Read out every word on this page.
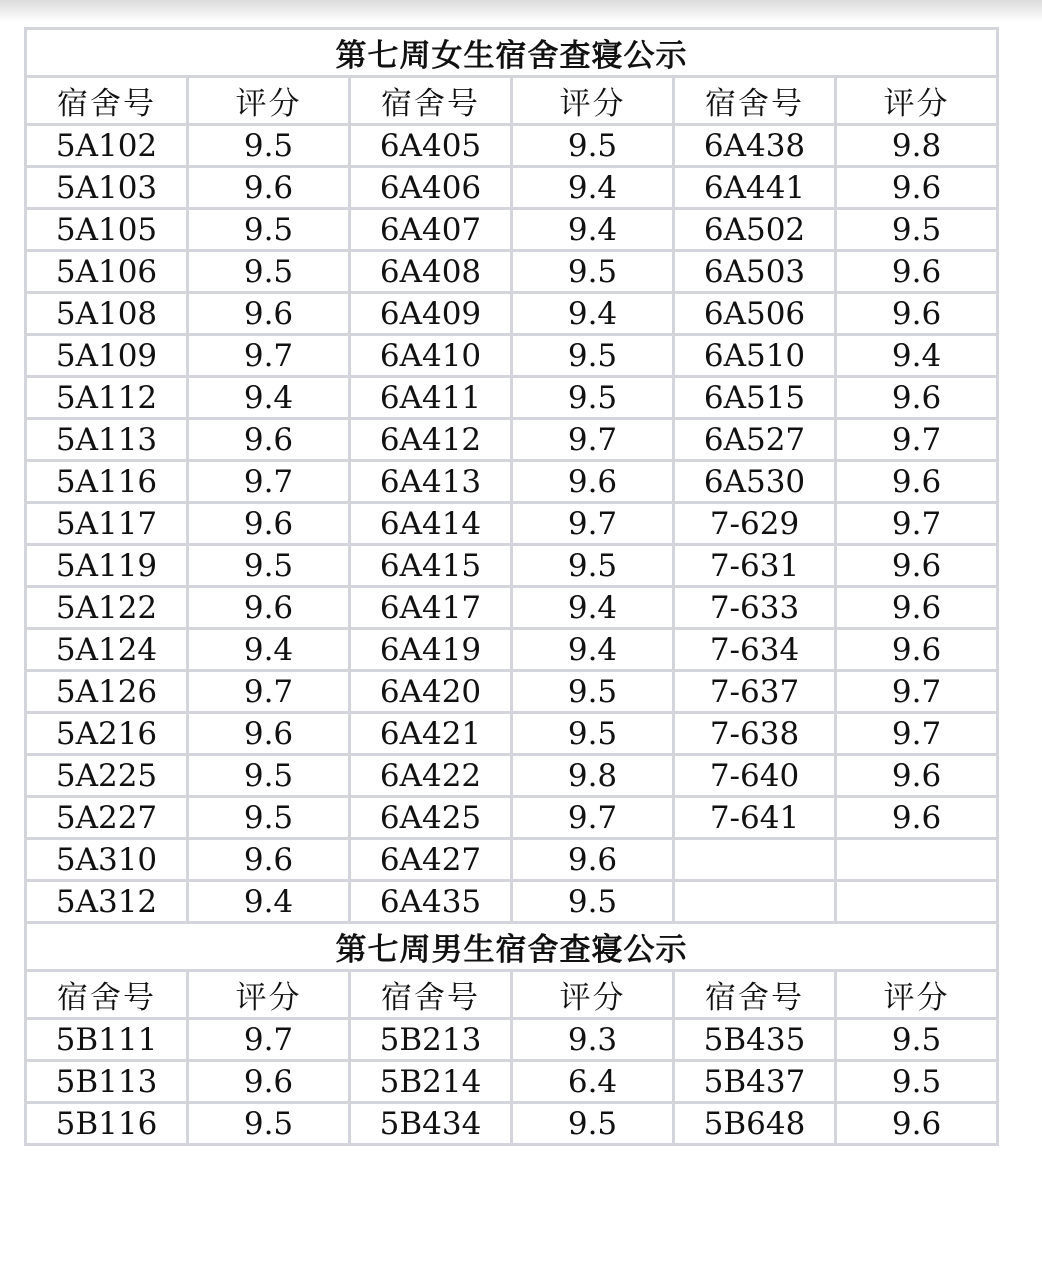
第七周女生宿舍查寝公示					
宿舍号	评分	宿舍号	评分	宿舍号	评分
5A102	9.5	6A405	9.5	6A438	9.8
5A103	9.6	6A406	9.4	6A441	9.6
5A105	9.5	6A407	9.4	6A502	9.5
5A106	9.5	6A408	9.5	6A503	9.6
5A108	9.6	6A409	9.4	6A506	9.6
5A109	9.7	6A410	9.5	6A510	9.4
5A112	9.4	6A411	9.5	6A515	9.6
5A113	9.6	6A412	9.7	6A527	9.7
5A116	9.7	6A413	9.6	6A530	9.6
5A117	9.6	6A414	9.7	7-629	9.7
5A119	9.5	6A415	9.5	7-631	9.6
5A122	9.6	6A417	9.4	7-633	9.6
5A124	9.4	6A419	9.4	7-634	9.6
5A126	9.7	6A420	9.5	7-637	9.7
5A216	9.6	6A421	9.5	7-638	9.7
5A225	9.5	6A422	9.8	7-640	9.6
5A227	9.5	6A425	9.7	7-641	9.6
5A310	9.6	6A427	9.6		
5A312	9.4	6A435	9.5		
第七周男生宿舍查寝公示					
宿舍号	评分	宿舍号	评分	宿舍号	评分
5B111	9.7	5B213	9.3	5B435	9.5
5B113	9.6	5B214	6.4	5B437	9.5
5B116	9.5	5B434	9.5	5B648	9.6
